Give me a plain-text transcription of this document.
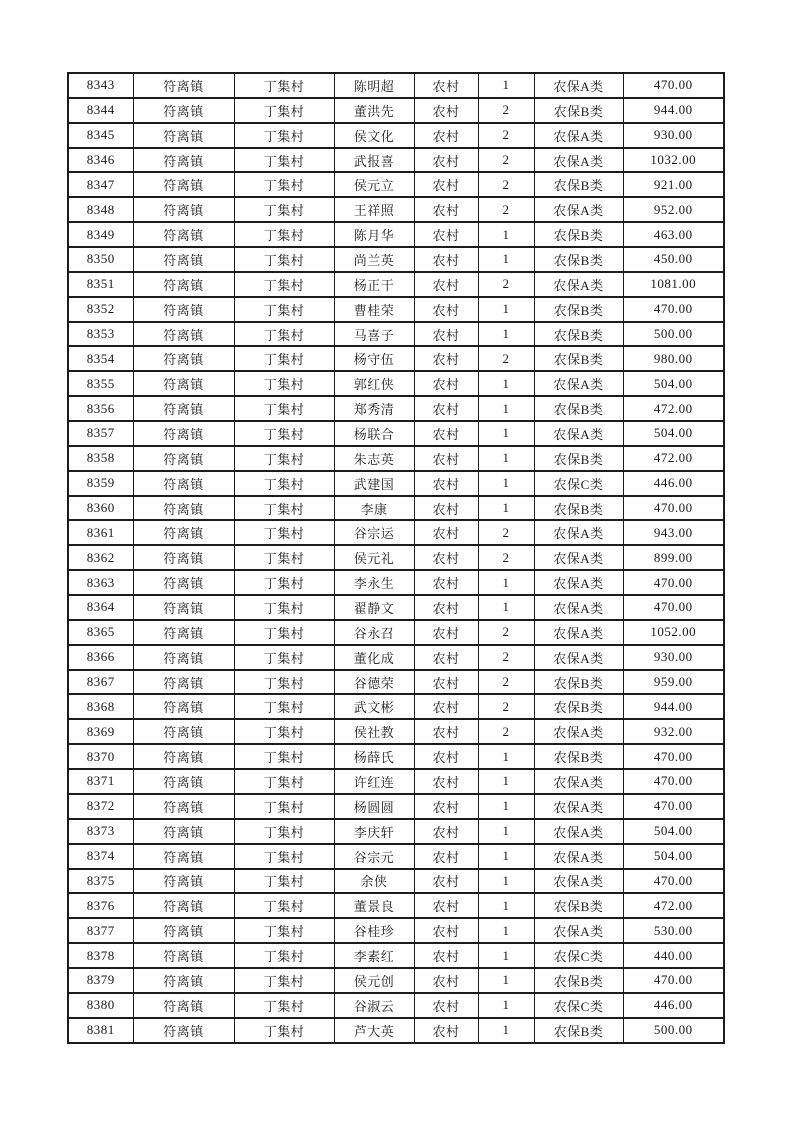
8343	符离镇	丁集村	陈明超	农村	1	农保A类	470.00
8344	符离镇	丁集村	董洪先	农村	2	农保B类	944.00
8345	符离镇	丁集村	侯文化	农村	2	农保A类	930.00
8346	符离镇	丁集村	武报喜	农村	2	农保A类	1032.00
8347	符离镇	丁集村	侯元立	农村	2	农保B类	921.00
8348	符离镇	丁集村	王祥照	农村	2	农保A类	952.00
8349	符离镇	丁集村	陈月华	农村	1	农保B类	463.00
8350	符离镇	丁集村	尚兰英	农村	1	农保B类	450.00
8351	符离镇	丁集村	杨正干	农村	2	农保A类	1081.00
8352	符离镇	丁集村	曹桂荣	农村	1	农保B类	470.00
8353	符离镇	丁集村	马喜子	农村	1	农保B类	500.00
8354	符离镇	丁集村	杨守伍	农村	2	农保B类	980.00
8355	符离镇	丁集村	郭红侠	农村	1	农保A类	504.00
8356	符离镇	丁集村	郑秀清	农村	1	农保B类	472.00
8357	符离镇	丁集村	杨联合	农村	1	农保A类	504.00
8358	符离镇	丁集村	朱志英	农村	1	农保B类	472.00
8359	符离镇	丁集村	武建国	农村	1	农保C类	446.00
8360	符离镇	丁集村	李康	农村	1	农保B类	470.00
8361	符离镇	丁集村	谷宗运	农村	2	农保A类	943.00
8362	符离镇	丁集村	侯元礼	农村	2	农保A类	899.00
8363	符离镇	丁集村	李永生	农村	1	农保A类	470.00
8364	符离镇	丁集村	翟静文	农村	1	农保A类	470.00
8365	符离镇	丁集村	谷永召	农村	2	农保A类	1052.00
8366	符离镇	丁集村	董化成	农村	2	农保A类	930.00
8367	符离镇	丁集村	谷德荣	农村	2	农保B类	959.00
8368	符离镇	丁集村	武文彬	农村	2	农保B类	944.00
8369	符离镇	丁集村	侯社教	农村	2	农保A类	932.00
8370	符离镇	丁集村	杨薛氏	农村	1	农保B类	470.00
8371	符离镇	丁集村	许红连	农村	1	农保A类	470.00
8372	符离镇	丁集村	杨圆圆	农村	1	农保A类	470.00
8373	符离镇	丁集村	李庆轩	农村	1	农保A类	504.00
8374	符离镇	丁集村	谷宗元	农村	1	农保A类	504.00
8375	符离镇	丁集村	余侠	农村	1	农保A类	470.00
8376	符离镇	丁集村	董景良	农村	1	农保B类	472.00
8377	符离镇	丁集村	谷桂珍	农村	1	农保A类	530.00
8378	符离镇	丁集村	李素红	农村	1	农保C类	440.00
8379	符离镇	丁集村	侯元创	农村	1	农保B类	470.00
8380	符离镇	丁集村	谷淑云	农村	1	农保C类	446.00
8381	符离镇	丁集村	芦大英	农村	1	农保B类	500.00
